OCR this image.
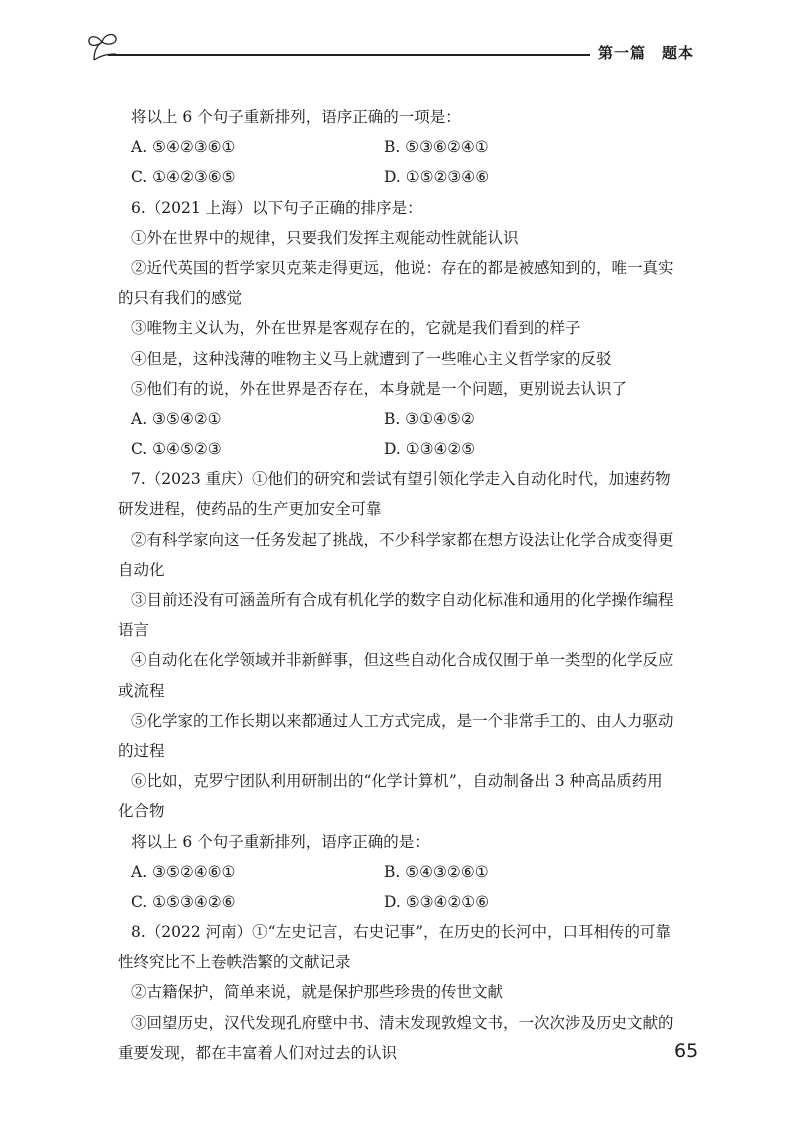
第一篇　题本
将以上 6 个句子重新排列，语序正确的一项是：
A. ⑤④②③⑥①	B. ⑤③⑥②④①
C. ①④②③⑥⑤	D. ①⑤②③④⑥
6.（2021 上海）以下句子正确的排序是：
①外在世界中的规律，只要我们发挥主观能动性就能认识
②近代英国的哲学家贝克莱走得更远，他说：存在的都是被感知到的，唯一真实
的只有我们的感觉
③唯物主义认为，外在世界是客观存在的，它就是我们看到的样子
④但是，这种浅薄的唯物主义马上就遭到了一些唯心主义哲学家的反驳
⑤他们有的说，外在世界是否存在，本身就是一个问题，更别说去认识了
A. ③⑤④②①	B. ③①④⑤②
C. ①④⑤②③	D. ①③④②⑤
7.（2023 重庆）①他们的研究和尝试有望引领化学走入自动化时代，加速药物
研发进程，使药品的生产更加安全可靠
②有科学家向这一任务发起了挑战，不少科学家都在想方设法让化学合成变得更
自动化
③目前还没有可涵盖所有合成有机化学的数字自动化标准和通用的化学操作编程
语言
④自动化在化学领域并非新鲜事，但这些自动化合成仅囿于单一类型的化学反应
或流程
⑤化学家的工作长期以来都通过人工方式完成，是一个非常手工的、由人力驱动
的过程
⑥比如，克罗宁团队利用研制出的“化学计算机”，自动制备出 3 种高品质药用
化合物
将以上 6 个句子重新排列，语序正确的是：
A. ③⑤②④⑥①	B. ⑤④③②⑥①
C. ①⑤③④②⑥	D. ⑤③④②①⑥
8.（2022 河南）①“左史记言，右史记事”，在历史的长河中，口耳相传的可靠
性终究比不上卷帙浩繁的文献记录
②古籍保护，简单来说，就是保护那些珍贵的传世文献
③回望历史，汉代发现孔府壁中书、清末发现敦煌文书，一次次涉及历史文献的
重要发现，都在丰富着人们对过去的认识	65
